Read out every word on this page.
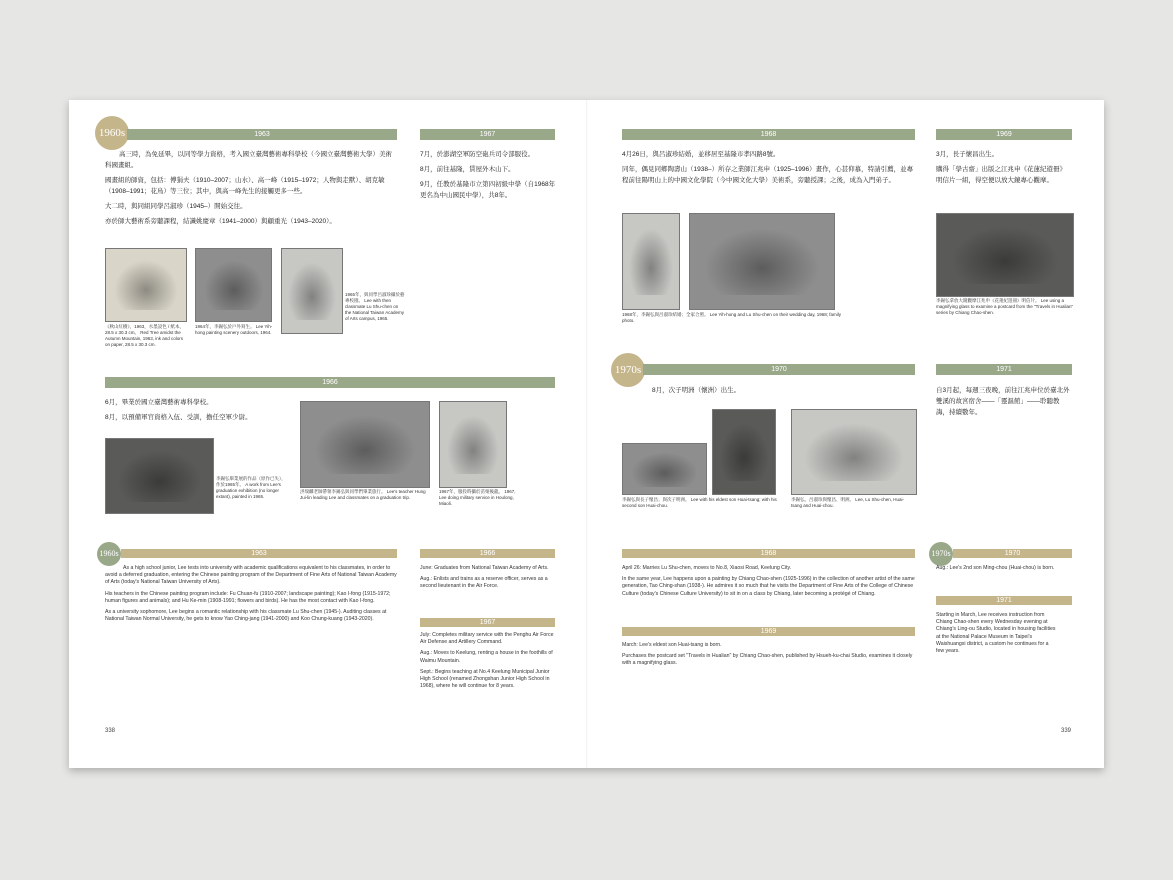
1960s	1963

高三時，為免延畢，以同等學力資格，考入國立臺灣藝術專科學校（今國立臺灣藝術大學）美術科國畫組。

國畫組的師資，包括：傅狷夫（1910–2007；山水）、高一峰（1915–1972；人物與走獸）、胡克敏（1908–1991；花鳥）等三位；其中，與高一峰先生的接觸更多一些。

大二時，與同組同學呂淑珍（1945–）開始交往。

亦於師大藝術系旁聽課程，結識姚慶章（1941–2000）與顧重光（1943–2020）。

《秋山紅樹》，1963，水墨設色 / 紙本，28.5 x 30.3 cm。 Red Tree amidst the Autumn Mountain, 1963, ink and colors on paper, 28.5 x 30.3 cm.
1964年，李錫弘於戶外寫生。 Lee Yih-hong painting scenery outdoors, 1964.
1965年，與同學呂淑珍攝於藝專校園。 Lee with then classmate Lu Shu-chen on the National Taiwan Academy of Arts campus, 1965.
1967

7月，於澎湖空軍防空砲兵司令部服役。

8月，前往基隆，賃屋外木山下。

9月，任教於基隆市立第四初級中學（自1968年更名為中山國民中學），共8年。

1966

6月，畢業於國立臺灣藝術專科學校。

8月，以預備軍官資格入伍、受訓，擔任空軍少尉。

李錫弘畢業展的作品（原作已失），作於1965年。 A work from Lee's graduation exhibition (no longer extant), painted in 1965.
洪瑞麟老師帶領李錫弘與同學們畢業旅行。 Lee's teacher Hung Jui-lin leading Lee and classmates on a graduation trip.
1967年，服役時攝於苗栗後龍。 1967, Lee doing military service in Houlong, Miaoli.
1960s	1963

As a high school junior, Lee tests into university with academic qualifications equivalent to his classmates, in order to avoid a deferred graduation, entering the Chinese painting program of the Department of Fine Arts of National Taiwan Academy of Arts (today's National Taiwan University of Arts).

His teachers in the Chinese painting program include: Fu Chuan-fu (1910-2007; landscape painting); Kao I-fong (1915-1972; human figures and animals); and Hu Ke-min (1908-1991; flowers and birds). He has the most contact with Kao I-fong.

As a university sophomore, Lee begins a romantic relationship with his classmate Lu Shu-chen (1945-). Auditing classes at National Taiwan Normal University, he gets to know Yao Ching-jang (1941-2000) and Koo Chung-kuang (1943-2020).

1966

June: Graduates from National Taiwan Academy of Arts.

Aug.: Enlists and trains as a reserve officer, serves as a second lieutenant in the Air Force.

1967

July: Completes military service with the Penghu Air Force Air Defense and Artillery Command.

Aug.: Moves to Keelung, renting a house in the foothills of Waimu Mountain.

Sept.: Begins teaching at No.4 Keelung Municipal Junior High School (renamed Zhongshan Junior High School in 1968), where he will continue for 8 years.

338
1968

4月26日，與呂淑珍結婚，並移居至基隆市孝四路8號。

同年，偶見同鄉陶壽山（1938–）所存之業師江兆申（1925–1996）畫作，心甚仰慕，特請引薦，並專程前往陽明山上的中國文化學院（今中國文化大學）美術系，旁聽授課；之後，成為入門弟子。

1968年，李錫弘與呂淑珍結婚；全家合照。 Lee Yih-hong and Lu Shu-chen on their wedding day, 1968; family photo.
1969

3月，長子懷昌出生。

購得「學古齋」出版之江兆申《花蓮紀遊冊》明信片一組，得空便以放大鏡專心觀摩。

李錫弘拿放大鏡觀摩江兆申《花蓮紀遊冊》明信片。 Lee using a magnifying glass to examine a postcard from the "Travels in Hualian" series by Chiang Chao-shen.
1970s	1970

8月，次子明洲（懷洲）出生。

李錫弘與長子懷昌；與次子明洲。 Lee with his eldest son Huai-tsang; with his second son Huai-chou.
李錫弘、呂淑珍與懷昌、明洲。 Lee, Lu Shu-chen, Huai-tsang and Huai-chou.
1971

自3月起，每週三夜晚，前往江兆申位於臺北外雙溪的故宮宿舍——「靈漚館」——聆聽教誨，持續數年。

1968

April 26: Marries Lu Shu-chen, moves to No.8, Xiaosi Road, Keelung City.

In the same year, Lee happens upon a painting by Chiang Chao-shen (1925-1996) in the collection of another artist of the same generation, Tao Ching-shan (1938-). He admires it so much that he visits the Department of Fine Arts of the College of Chinese Culture (today's Chinese Culture University) to sit in on a class by Chiang, later becoming a protégé of Chiang.

1969

March: Lee's eldest son Huai-tsang is born.

Purchases the postcard set "Travels in Hualian" by Chiang Chao-shen, published by Hsueh-ku-chai Studio, examines it closely with a magnifying glass.

1970s	1970

Aug.: Lee's 2nd son Ming-chou (Huai-chou) is born.

1971

Starting in March, Lee receives instruction from Chiang Chao-shen every Wednesday evening at Chiang's Ling-ou Studio, located in housing facilities at the National Palace Museum in Taipei's Waishuangxi district, a custom he continues for a few years.

339
